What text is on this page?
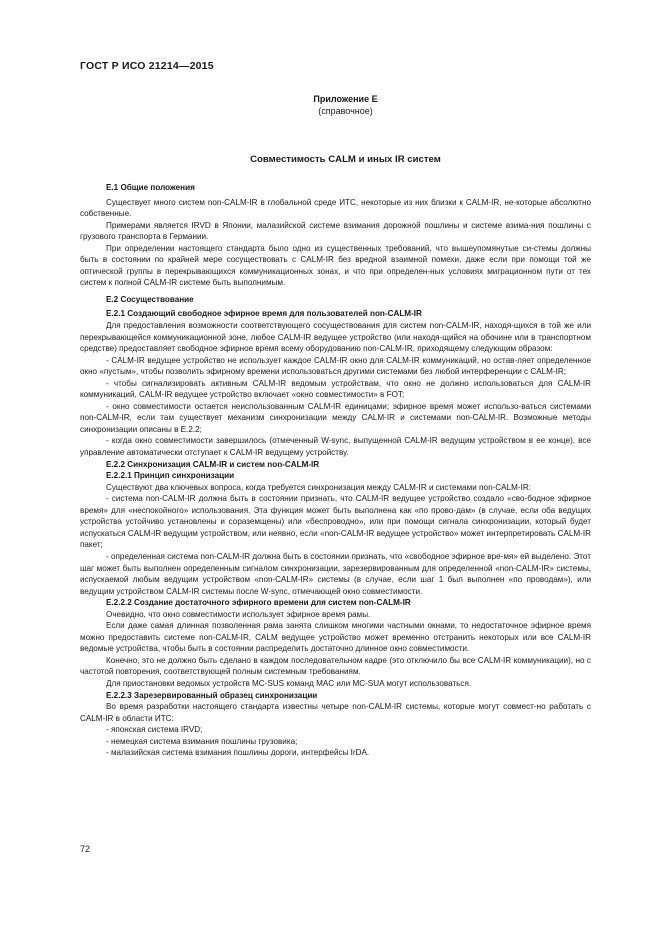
ГОСТ Р ИСО 21214—2015
Приложение Е
(справочное)
Совместимость CALM и иных IR систем

Е.1 Общие положения

Существует много систем non-CALM-IR в глобальной среде ИТС, некоторые из них близки к CALM-IR, не-которые абсолютно собственные.

Примерами является IRVD в Японии, малазийской системе взимания дорожной пошлины и системе взима-ния пошлины с грузового транспорта в Германии.

При определении настоящего стандарта было одно из существенных требований, что вышеупомянутые си-стемы должны быть в состоянии по крайней мере сосуществовать с CALM-IR без вредной взаимной помехи, даже если при помощи той же оптической группы в перекрывающихся коммуникационных зонах, и что при определен-ных условиях миграционном пути от тех систем к полной CALM-IR системе быть выполнимым.

Е.2 Сосуществование

Е.2.1 Создающий свободное эфирное время для пользователей non-CALM-IR

Для предоставления возможности соответствующего сосуществования для систем non-CALM-IR, находя-щихся в той же или перекрывающейся коммуникационной зоне, любое CALM-IR ведущее устройство (или находя-щийся на обочине или в транспортном средстве) предоставляет свободное эфирное время всему оборудованию non-CALM-IR, приходящему следующим образом:

- CALM-IR ведущее устройство не использует каждое CALM-IR окно для CALM-IR коммуникаций, но остав-ляет определенное окно «пустым», чтобы позволить эфирному времени использоваться другими системами без любой интерференции с CALM-IR;

- чтобы сигнализировать активным CALM-IR ведомым устройствам, что окно не должно использоваться для CALM-IR коммуникаций, CALM-IR ведущее устройство включает «окно совместимости» в FOT;

- окно совместимости остается неиспользованным CALM-IR единицами; эфирное время может использо-ваться системами non-CALM-IR, если там существует механизм синхронизации между CALM-IR и системами non-CALM-IR. Возможные методы синхронизации описаны в Е.2.2;

- когда окно совместимости завершилось (отмеченный W-sync, выпущенной CALM-IR ведущим устройством в ее конце), все управление автоматически отступает к CALM-IR ведущему устройству.

Е.2.2 Синхронизация CALM-IR и систем non-CALM-IR

Е.2.2.1 Принцип синхронизации

Существуют два ключевых вопроса, когда требуется синхронизация между CALM-IR и системами non-CALM-IR:

- система non-CALM-IR должна быть в состоянии признать, что CALM-IR ведущее устройство создало «сво-бодное эфирное время» для «неспокойного» использования. Эта функция может быть выполнена как «по прово-дам» (в случае, если оба ведущих устройства устойчиво установлены и сораземщены) или «беспроводно», или при помощи сигнала синхронизации, который будет испускаться CALM-IR ведущим устройством, или неявно, если «non-CALM-IR ведущее устройство» может интерпретировать CALM-IR пакет;

- определенная система non-CALM-IR должна быть в состоянии признать, что «свободное эфирное вре-мя» ей выделено. Этот шаг может быть выполнен определенным сигналом синхронизации, зарезервированным для определенной «non-CALM-IR» системы, испускаемой любым ведущим устройством «non-CALM-IR» системы (в случае, если шаг 1 был выполнен «по проводам»), или ведущим устройством CALM-IR системы после W-sync, отмечающей окно совместимости.

Е.2.2.2 Создание достаточного эфирного времени для систем non-CALM-IR

Очевидно, что окно совместимости использует эфирное время рамы.

Если даже самая длинная позволенная рама занята слишком многими частными окнами, то недостаточное эфирное время можно предоставить системе non-CALM-IR, CALM ведущее устройство может временно отстранить некоторых или все CALM-IR ведомые устройства, чтобы быть в состоянии распределить достаточно длинное окно совместимости.

Конечно, это не должно быть сделано в каждом последовательном кадре (это отключило бы все CALM-IR коммуникации), но с частотой повторения, соответствующей полным системным требованиям.

Для приостановки ведомых устройств MC-SUS команд MAC или MC-SUA могут использоваться.

Е.2.2.3 Зарезервированный образец синхронизации

Во время разработки настоящего стандарта известны четыре non-CALM-IR системы, которые могут совмест-но работать с CALM-IR в области ИТС:

- японская система IRVD;

- немецкая система взимания пошлины грузовика;

- малазийская система взимания пошлины дороги, интерфейсы IrDA.

72
